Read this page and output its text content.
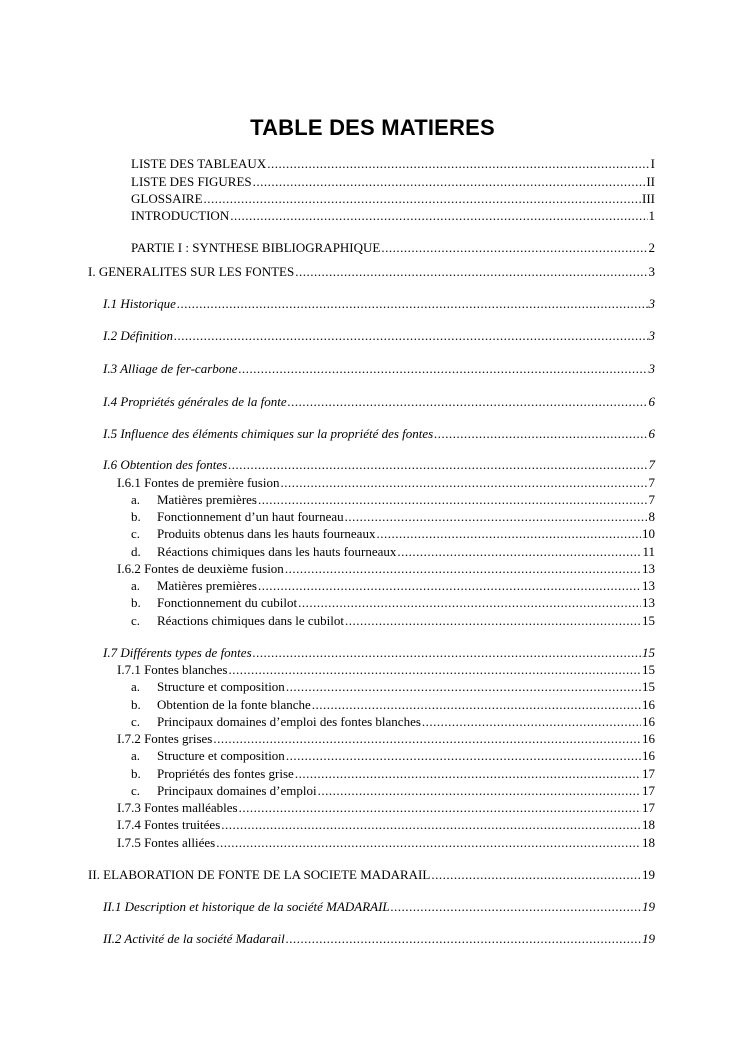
TABLE DES MATIERES
LISTE DES TABLEAUX .....	I
LISTE DES FIGURES .....	II
GLOSSAIRE .....	III
INTRODUCTION .....	1
PARTIE I : SYNTHESE BIBLIOGRAPHIQUE .....	2
I. GENERALITES SUR LES FONTES .....	3
I.1 Historique .....	3
I.2 Définition .....	3
I.3 Alliage de fer-carbone .....	3
I.4 Propriétés générales de la fonte .....	6
I.5 Influence des éléments chimiques sur la propriété des fontes .....	6
I.6 Obtention des fontes .....	7
I.6.1 Fontes de première fusion .....	7
a. Matières premières .....	7
b. Fonctionnement d’un haut fourneau .....	8
c. Produits obtenus dans les hauts fourneaux .....	10
d. Réactions chimiques dans les hauts fourneaux .....	11
I.6.2 Fontes de deuxième fusion .....	13
a. Matières premières .....	13
b. Fonctionnement du cubilot .....	13
c. Réactions chimiques dans le cubilot .....	15
I.7 Différents types de fontes .....	15
I.7.1 Fontes blanches .....	15
a. Structure et composition .....	15
b. Obtention de la fonte blanche .....	16
c. Principaux domaines d’emploi des fontes blanches .....	16
I.7.2 Fontes grises .....	16
a. Structure et composition .....	16
b. Propriétés des fontes grise .....	17
c. Principaux domaines d’emploi .....	17
I.7.3 Fontes malléables .....	17
I.7.4 Fontes truitées .....	18
I.7.5 Fontes alliées .....	18
II. ELABORATION DE FONTE DE LA SOCIETE MADARAIL .....	19
II.1 Description et historique de la société MADARAIL .....	19
II.2 Activité de la société Madarail .....	19
